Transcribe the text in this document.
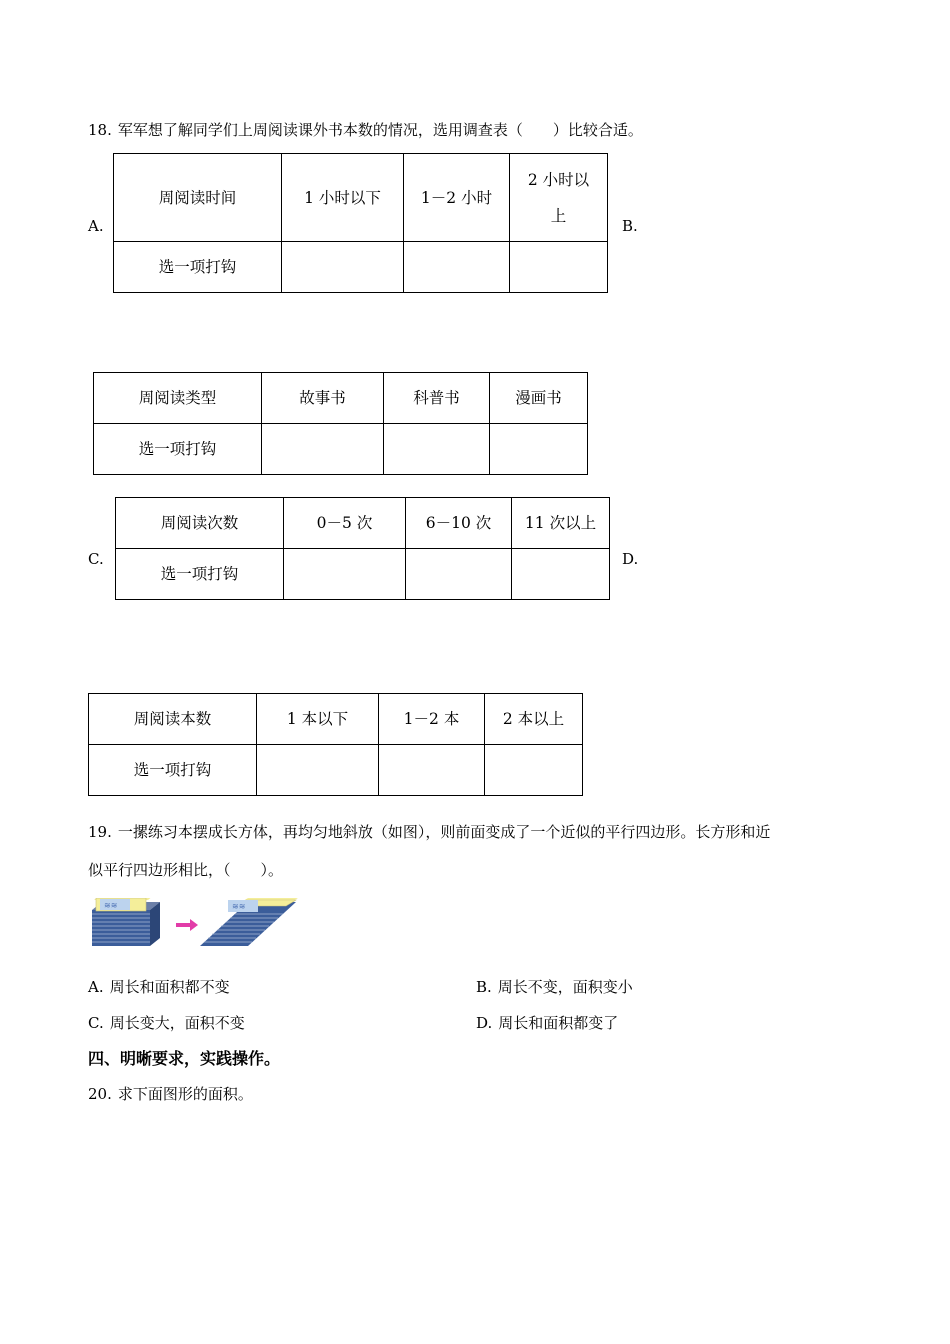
18. 军军想了解同学们上周阅读课外书本数的情况，选用调查表（　　）比较合适。
A.
周阅读时间	1 小时以下	1－2 小时	2 小时以上
选一项打钩			
B.
周阅读类型	故事书	科普书	漫画书
选一项打钩			
C.
周阅读次数	0－5 次	6－10 次	11 次以上
选一项打钩			
D.
周阅读本数	1 本以下	1－2 本	2 本以上
选一项打钩			
19. 一摞练习本摆成长方体，再均匀地斜放（如图），则前面变成了一个近似的平行四边形。长方形和近
似平行四边形相比，（　　）。
≋≋	≋≋
A. 周长和面积都不变	B. 周长不变，面积变小
C. 周长变大，面积不变	D. 周长和面积都变了
四、明晰要求，实践操作。
20. 求下面图形的面积。
